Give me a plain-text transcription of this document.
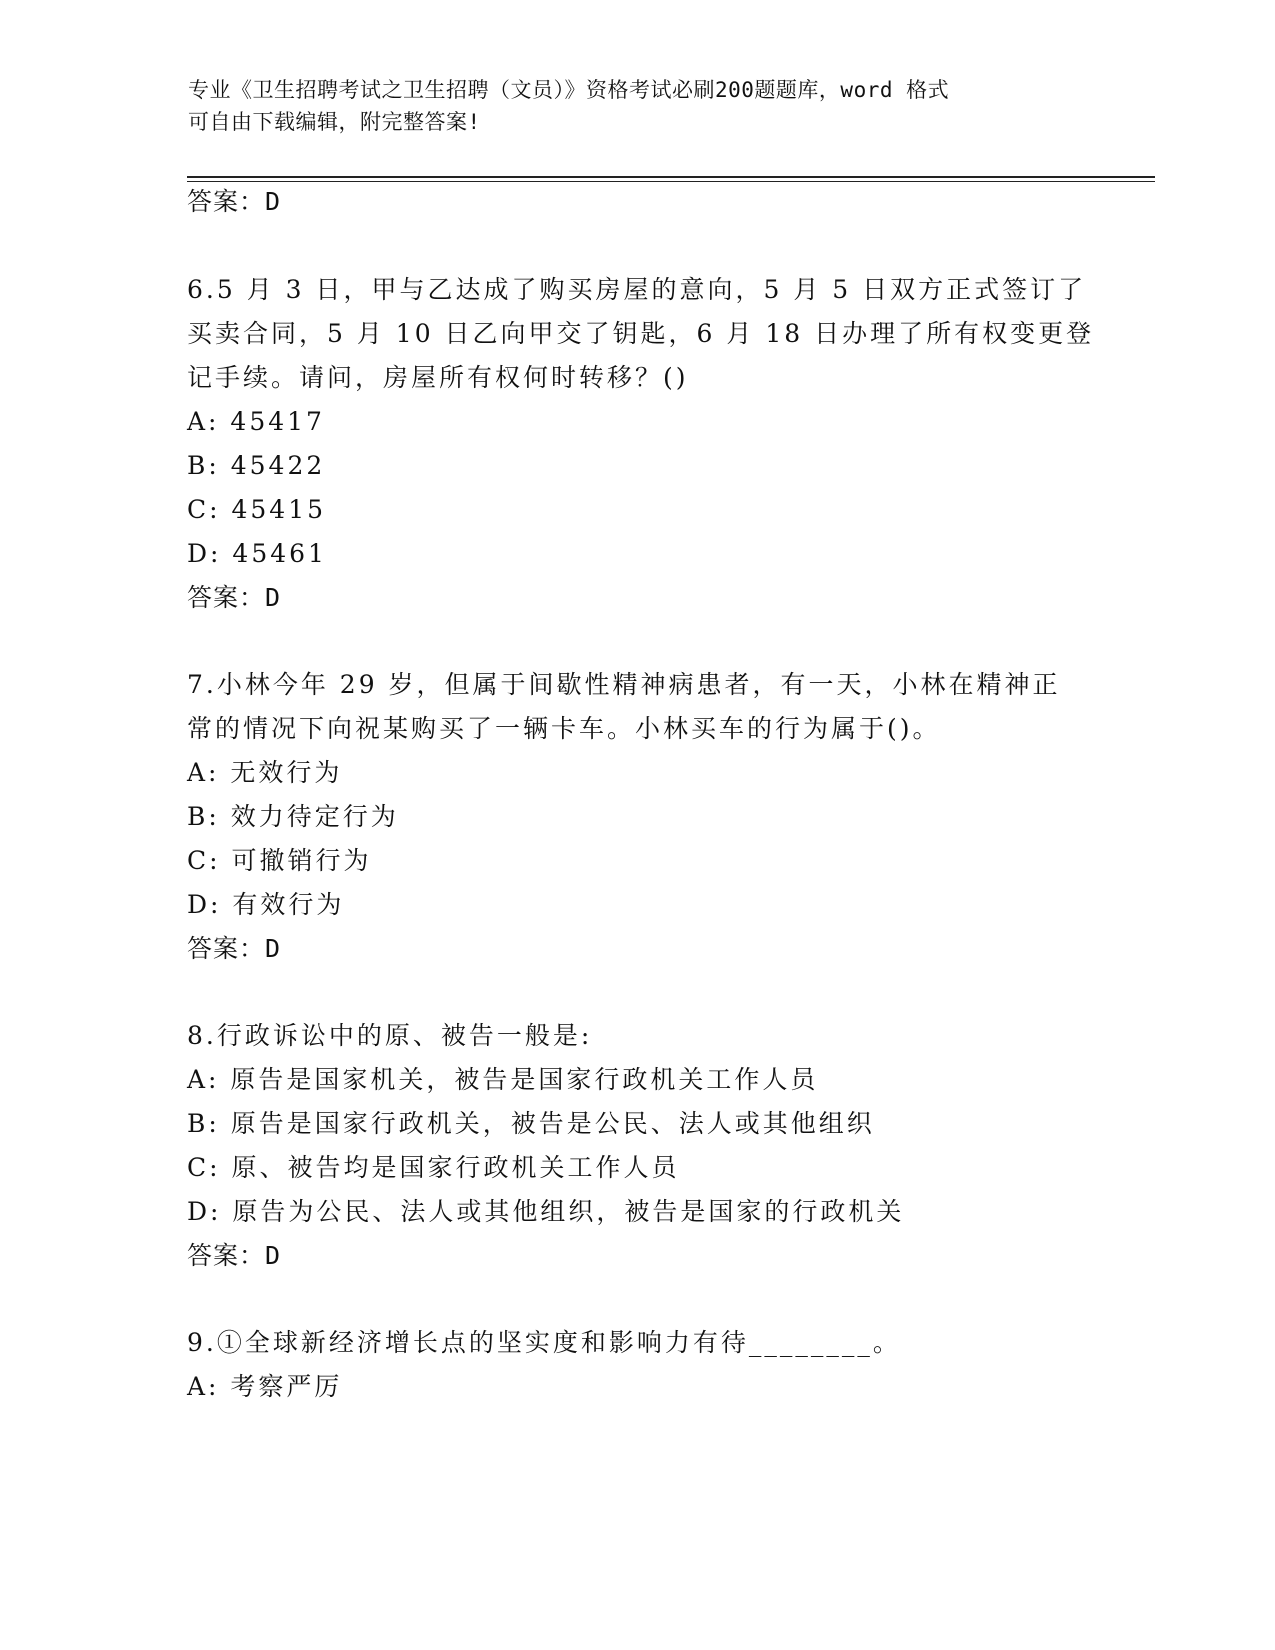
专业《卫生招聘考试之卫生招聘（文员）》资格考试必刷200题题库，word 格式
可自由下载编辑，附完整答案!
答案：D
6.5 月 3 日，甲与乙达成了购买房屋的意向，5 月 5 日双方正式签订了
买卖合同，5 月 10 日乙向甲交了钥匙，6 月 18 日办理了所有权变更登
记手续。请问，房屋所有权何时转移？()
A: 45417
B: 45422
C: 45415
D: 45461
答案：D
7.小林今年 29 岁，但属于间歇性精神病患者，有一天，小林在精神正
常的情况下向祝某购买了一辆卡车。小林买车的行为属于()。
A: 无效行为
B: 效力待定行为
C: 可撤销行为
D: 有效行为
答案：D
8.行政诉讼中的原、被告一般是:
A: 原告是国家机关，被告是国家行政机关工作人员
B: 原告是国家行政机关，被告是公民、法人或其他组织
C: 原、被告均是国家行政机关工作人员
D: 原告为公民、法人或其他组织，被告是国家的行政机关
答案：D
9.①全球新经济增长点的坚实度和影响力有待________。
A: 考察严厉
